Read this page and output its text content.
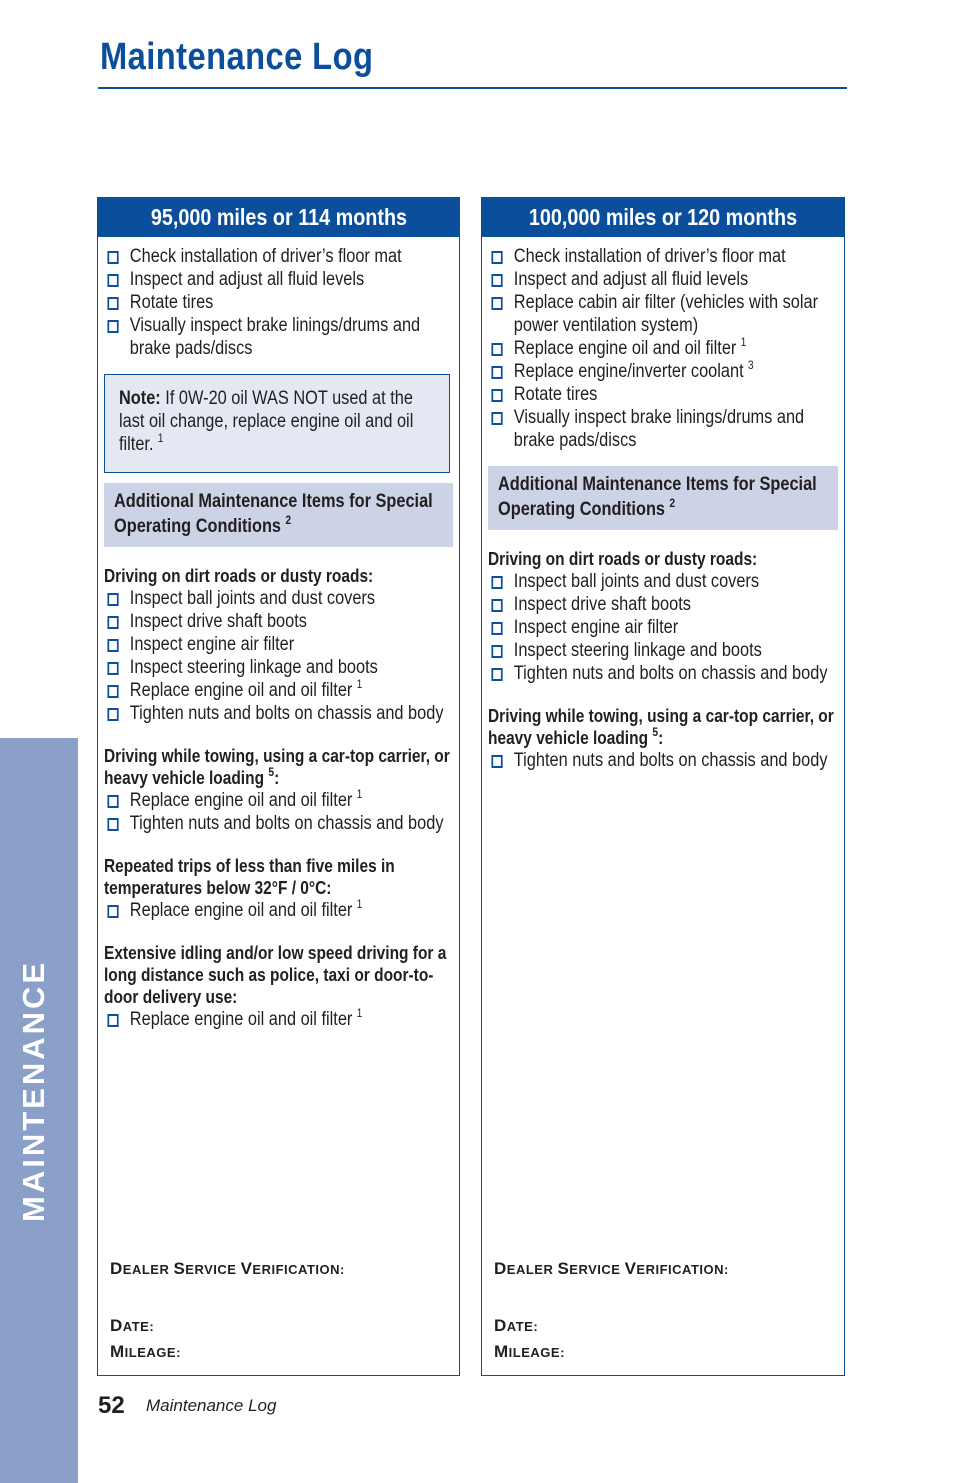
Maintenance Log
MAINTENANCE
95,000 miles or 114 months
Check installation of driver’s floor mat
Inspect and adjust all fluid levels
Rotate tires
Visually inspect brake linings/drums and brake pads/discs
Note: If 0W-20 oil WAS NOT used at the last oil change, replace engine oil and oil filter. $^1$
Additional Maintenance Items for Special Operating Conditions $^2$
Driving on dirt roads or dusty roads:
Inspect ball joints and dust covers
Inspect drive shaft boots
Inspect engine air filter
Inspect steering linkage and boots
Replace engine oil and oil filter $^1$
Tighten nuts and bolts on chassis and body
Driving while towing, using a car-top carrier, or heavy vehicle loading $^5$:
Replace engine oil and oil filter $^1$
Tighten nuts and bolts on chassis and body
Repeated trips of less than five miles in temperatures below 32°F / 0°C:
Replace engine oil and oil filter $^1$
Extensive idling and/or low speed driving for a long distance such as police, taxi or door-to-door delivery use:
Replace engine oil and oil filter $^1$
DEALER SERVICE VERIFICATION:
DATE:
MILEAGE:
100,000 miles or 120 months
Check installation of driver’s floor mat
Inspect and adjust all fluid levels
Replace cabin air filter (vehicles with solar power ventilation system)
Replace engine oil and oil filter $^1$
Replace engine/inverter coolant $^3$
Rotate tires
Visually inspect brake linings/drums and brake pads/discs
Additional Maintenance Items for Special Operating Conditions $^2$
Driving on dirt roads or dusty roads:
Inspect ball joints and dust covers
Inspect drive shaft boots
Inspect engine air filter
Inspect steering linkage and boots
Tighten nuts and bolts on chassis and body
Driving while towing, using a car-top carrier, or heavy vehicle loading $^5$:
Tighten nuts and bolts on chassis and body
DEALER SERVICE VERIFICATION:
DATE:
MILEAGE:
52 Maintenance Log
